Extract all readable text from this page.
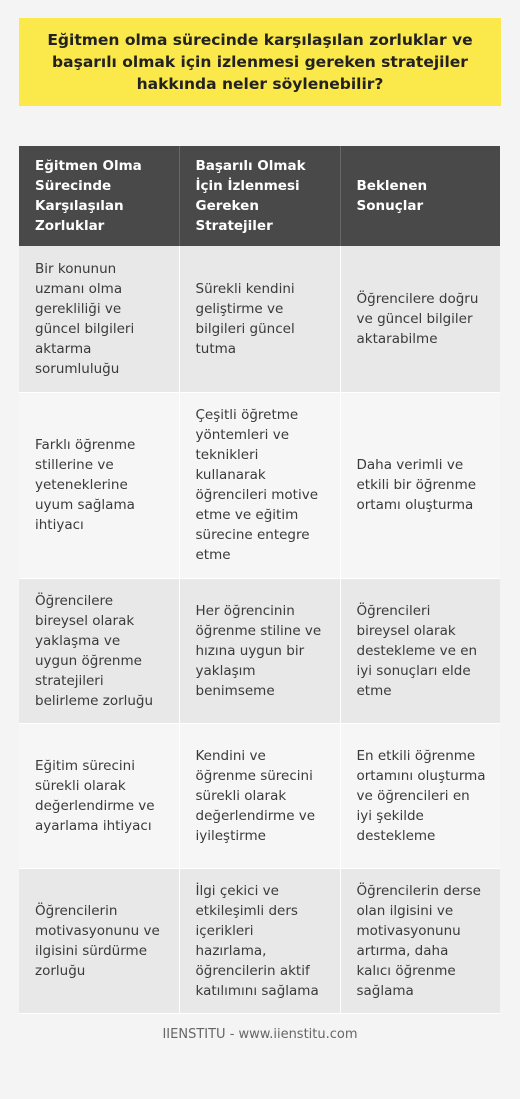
Eğitmen olma sürecinde karşılaşılan zorluklar ve başarılı olmak için izlenmesi gereken stratejiler hakkında neler söylenebilir?
Eğitmen Olma Sürecinde Karşılaşılan Zorluklar	Başarılı Olmak İçin İzlenmesi Gereken Stratejiler	Beklenen Sonuçlar
Bir konunun uzmanı olma gerekliliği ve güncel bilgileri aktarma sorumluluğu	Sürekli kendini geliştirme ve bilgileri güncel tutma	Öğrencilere doğru ve güncel bilgiler aktarabilme
Farklı öğrenme stillerine ve yeteneklerine uyum sağlama ihtiyacı	Çeşitli öğretme yöntemleri ve teknikleri kullanarak öğrencileri motive etme ve eğitim sürecine entegre etme	Daha verimli ve etkili bir öğrenme ortamı oluşturma
Öğrencilere bireysel olarak yaklaşma ve uygun öğrenme stratejileri belirleme zorluğu	Her öğrencinin öğrenme stiline ve hızına uygun bir yaklaşım benimseme	Öğrencileri bireysel olarak destekleme ve en iyi sonuçları elde etme
Eğitim sürecini sürekli olarak değerlendirme ve ayarlama ihtiyacı	Kendini ve öğrenme sürecini sürekli olarak değerlendirme ve iyileştirme	En etkili öğrenme ortamını oluşturma ve öğrencileri en iyi şekilde destekleme
Öğrencilerin motivasyonunu ve ilgisini sürdürme zorluğu	İlgi çekici ve etkileşimli ders içerikleri hazırlama, öğrencilerin aktif katılımını sağlama	Öğrencilerin derse olan ilgisini ve motivasyonunu artırma, daha kalıcı öğrenme sağlama
IIENSTITU - www.iienstitu.com
